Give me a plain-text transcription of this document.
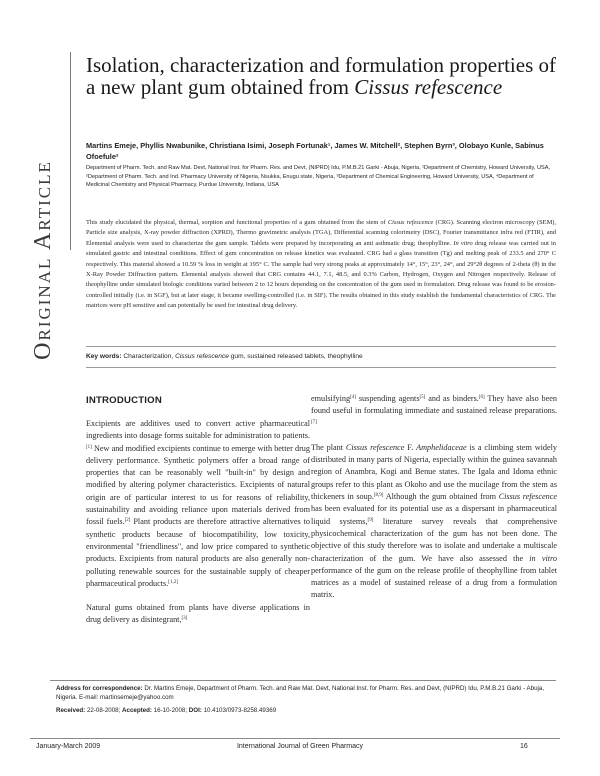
Original Article
Isolation, characterization and formulation properties of a new plant gum obtained from Cissus refescence
Martins Emeje, Phyllis Nwabunike, Christiana Isimi, Joseph Fortunak¹, James W. Mitchell², Stephen Byrn³, Olobayo Kunle, Sabinus Ofoefule²
Department of Pharm. Tech. and Raw Mat. Devt, National Inst. for Pharm. Res. and Devt, (NIPRD) Idu, P.M.B.21 Garki - Abuja, Nigeria, ¹Department of Chemistry, Howard University, USA, ²Department of Pharm. Tech. and Ind. Pharmacy University of Nigeria, Nsukka, Enugu state, Nigeria, ³Department of Chemical Engineering, Howard University, USA, ⁴Department of Medicinal Chemistry and Physical Pharmacy, Purdue University, Indiana, USA
This study elucidated the physical, thermal, sorption and functional properties of a gum obtained from the stem of Cissus refescence (CRG). Scanning electron microscopy (SEM), Particle size analysis, X-ray powder diffraction (XPRD), Thermo gravimetric analysis (TGA), Differential scanning colorimetry (DSC), Fourier transmittance infra red (FTIR), and Elemental analysis were used to characterize the gum sample. Tablets were prepared by incorporating an anti asthmatic drug; theophylline. In vitro drug release was carried out in simulated gastric and intestinal conditions. Effect of gum concentration on release kinetics was evaluated. CRG had a glass transition (Tg) and melting peak of 233.5 and 270° C respectively. This material showed a 10.59 % loss in weight at 195° C. The sample had very strong peaks at approximately 14°, 15°, 23°, 24°, and 29°2θ degrees of 2-theta (θ) in the X-Ray Powder Diffraction pattern. Elemental analysis showed that CRG contains 44.1, 7.1, 48.5, and 0.3% Carbon, Hydrogen, Oxygen and Nitrogen respectively. Release of theophylline under simulated biologic conditions varied between 2 to 12 hours depending on the concentration of the gum used in formulation. Drug release was found to be erosion-controlled initially (i.e. in SGF), but at later stage, it became swelling-controlled (i.e. in SIF). The results obtained in this study establish the fundamental characteristics of CRG. The matrices were pH sensitive and can potentially be used for intestinal drug delivery.
Key words: Characterization, Cissus refescence gum, sustained released tablets, theophylline
INTRODUCTION

Excipients are additives used to convert active pharmaceutical ingredients into dosage forms suitable for administration to patients.[1] New and modified excipients continue to emerge with better drug delivery performance. Synthetic polymers offer a broad range of properties that can be reasonably well "built-in" by design and modified by altering polymer characteristics. Excipients of natural origin are of particular interest to us for reasons of reliability, sustainability and avoiding reliance upon materials derived from fossil fuels.[2] Plant products are therefore attractive alternatives to synthetic products because of biocompatibility, low toxicity, environmental "friendliness", and low price compared to synthetic products. Excipients from natural products are also generally non-polluting renewable sources for the sustainable supply of cheaper pharmaceutical products.[1,2]

Natural gums obtained from plants have diverse applications in drug delivery as disintegrant,[3]

emulsifying[4] suspending agents[5] and as binders.[6] They have also been found useful in formulating immediate and sustained release preparations.[7]

The plant Cissus refescence F. Amphelidaceae is a climbing stem widely distributed in many parts of Nigeria, especially within the guinea savannah region of Anambra, Kogi and Benue states. The Igala and Idoma ethnic groups refer to this plant as Okoho and use the mucilage from the stem as thickeners in soup.[8,9] Although the gum obtained from Cissus refescence has been evaluated for its potential use as a dispersant in pharmaceutical liquid systems,[9] literature survey reveals that comprehensive physicochemical characterization of the gum has not been done. The objective of this study therefore was to isolate and undertake a multiscale characterization of the gum. We have also assessed the in vitro performance of the gum on the release profile of theophylline from tablet matrices as a model of sustained release of a drug from a formulation matrix.

Address for correspondence: Dr. Martins Emeje, Department of Pharm. Tech. and Raw Mat. Devt, National Inst. for Pharm. Res. and Devt, (NIPRD) Idu, P.M.B.21 Garki - Abuja, Nigeria. E-mail: martinsemeje@yahoo.com
Received: 22-08-2008; Accepted: 16-10-2008; DOI: 10.4103/0973-8258.49369
January-March 2009	International Journal of Green Pharmacy	16
